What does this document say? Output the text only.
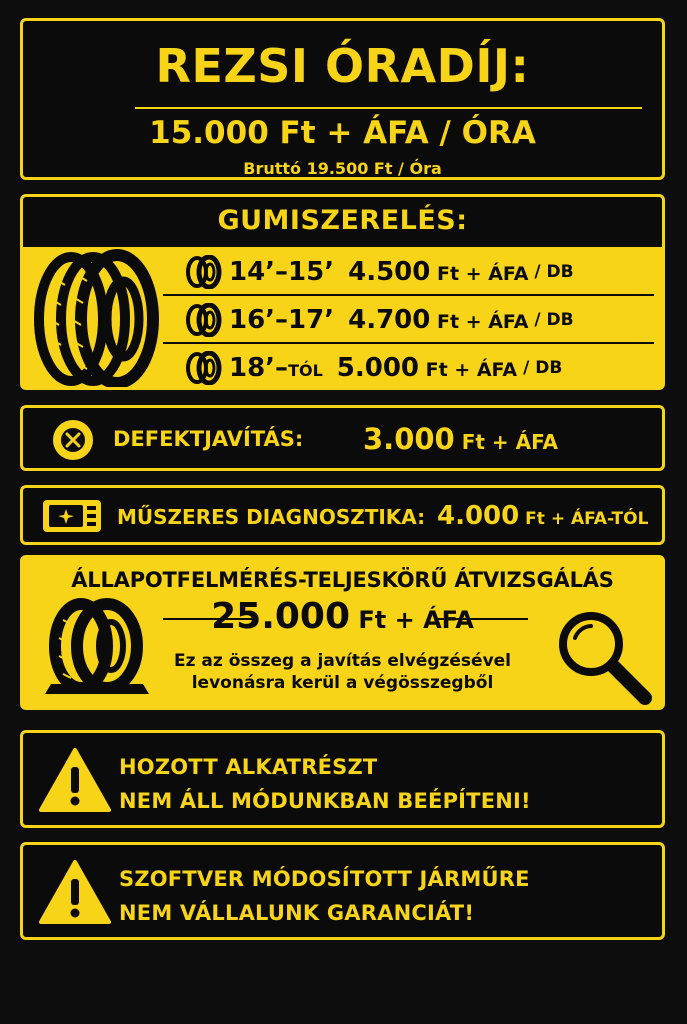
REZSI ÓRADÍJ:
15.000 Ft + ÁFA / ÓRA
Bruttó 19.500 Ft / Óra
GUMISZERELÉS:
14’–15’ 4.500 Ft + ÁFA / DB
16’–17’ 4.700 Ft + ÁFA / DB
18’–TÓL 5.000 Ft + ÁFA / DB
DEFEKTJAVÍTÁS: 3.000 Ft + ÁFA
MŰSZERES DIAGNOSZTIKA: 4.000 Ft + ÁFA-TÓL
ÁLLAPOTFELMÉRÉS-TELJESKÖRŰ ÁTVIZSGÁLÁS
25.000 Ft + ÁFA
Ez az összeg a javítás elvégzésével
levonásra kerül a végösszegből
HOZOTT ALKATRÉSZT
NEM ÁLL MÓDUNKBAN BEÉPÍTENI!
SZOFTVER MÓDOSÍTOTT JÁRMŰRE
NEM VÁLLALUNK GARANCIÁT!
